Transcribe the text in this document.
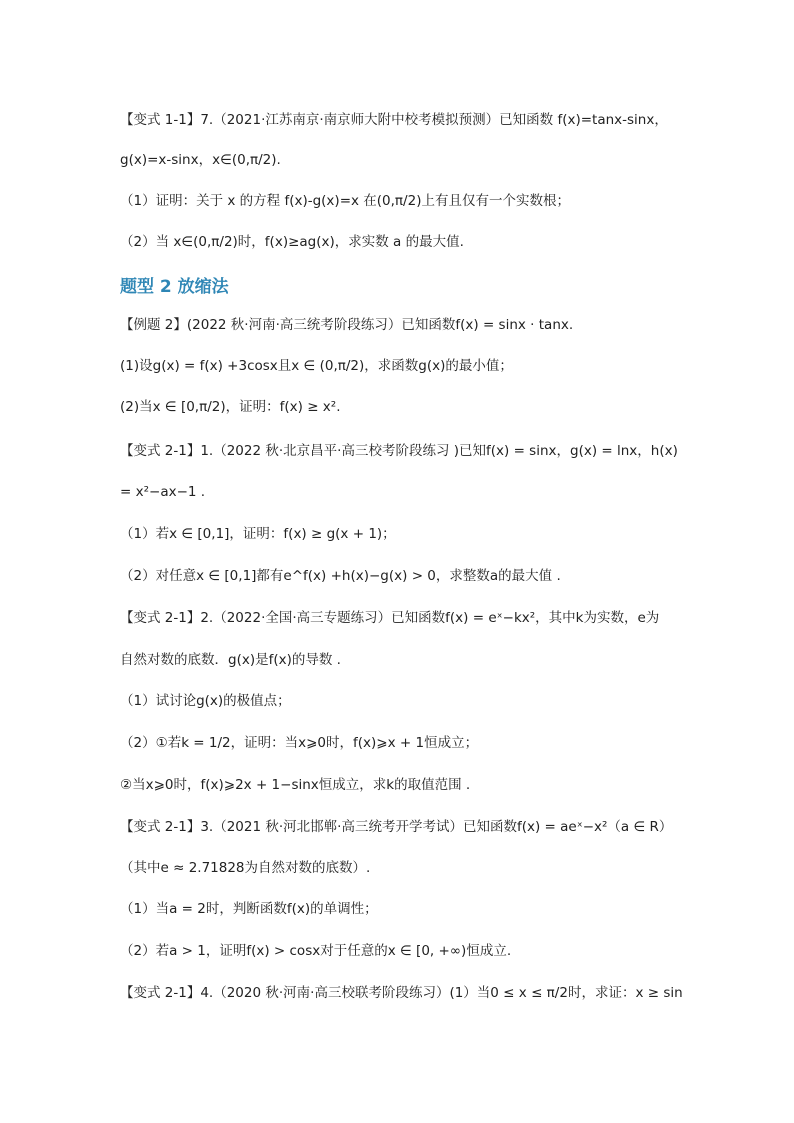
【变式 1-1】7.（2021·江苏南京·南京师大附中校考模拟预测）已知函数 f(x)=tanx-sinx，
g(x)=x-sinx，x∈(0,π/2).
（1）证明：关于 x 的方程 f(x)-g(x)=x 在(0,π/2)上有且仅有一个实数根；
（2）当 x∈(0,π/2)时，f(x)≥ag(x)，求实数 a 的最大值.
题型 2 放缩法
【例题 2】(2022 秋·河南·高三统考阶段练习）已知函数f(x) = sinx · tanx.
(1)设g(x) = f(x) +3cosx且x ∈ (0,π/2)，求函数g(x)的最小值；
(2)当x ∈ [0,π/2)，证明：f(x) ≥ x².
【变式 2-1】1.（2022 秋·北京昌平·高三校考阶段练习 )已知f(x) = sinx，g(x) = lnx，h(x)
= x²−ax−1 .
（1）若x ∈ [0,1]，证明：f(x) ≥ g(x + 1)；
（2）对任意x ∈ [0,1]都有e^f(x) +h(x)−g(x) > 0，求整数a的最大值 .
【变式 2-1】2.（2022·全国·高三专题练习）已知函数f(x) = eˣ−kx²，其中k为实数，e为
自然对数的底数．g(x)是f(x)的导数 .
（1）试讨论g(x)的极值点；
（2）①若k = 1/2，证明：当x⩾0时，f(x)⩾x + 1恒成立；
②当x⩾0时，f(x)⩾2x + 1−sinx恒成立，求k的取值范围 .
【变式 2-1】3.（2021 秋·河北邯郸·高三统考开学考试）已知函数f(x) = aeˣ−x²（a ∈ R）
（其中e ≈ 2.71828为自然对数的底数）.
（1）当a = 2时，判断函数f(x)的单调性；
（2）若a > 1，证明f(x) > cosx对于任意的x ∈ [0, +∞)恒成立.
【变式 2-1】4.（2020 秋·河南·高三校联考阶段练习）(1）当0 ≤ x ≤ π/2时，求证：x ≥ sin
